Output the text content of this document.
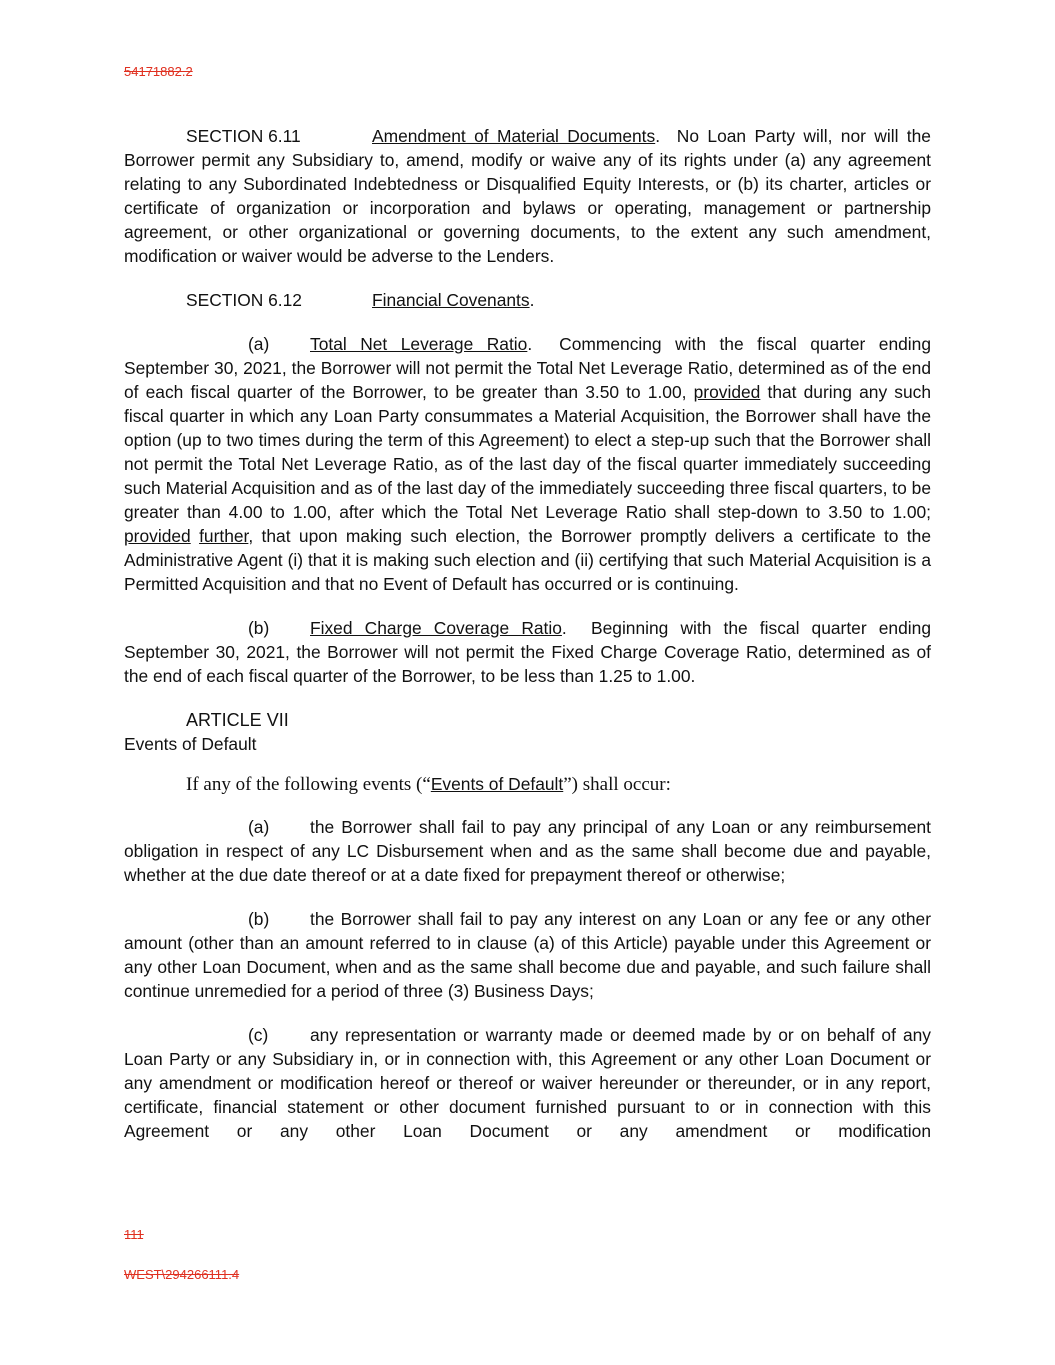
54171882.2

SECTION 6.11	Amendment of Material Documents. No Loan Party will, nor will the Borrower permit any Subsidiary to, amend, modify or waive any of its rights under (a) any agreement relating to any Subordinated Indebtedness or Disqualified Equity Interests, or (b) its charter, articles or certificate of organization or incorporation and bylaws or operating, management or partnership agreement, or other organizational or governing documents, to the extent any such amendment, modification or waiver would be adverse to the Lenders.

SECTION 6.12	Financial Covenants.

(a) Total Net Leverage Ratio. Commencing with the fiscal quarter ending September 30, 2021, the Borrower will not permit the Total Net Leverage Ratio, determined as of the end of each fiscal quarter of the Borrower, to be greater than 3.50 to 1.00, provided that during any such fiscal quarter in which any Loan Party consummates a Material Acquisition, the Borrower shall have the option (up to two times during the term of this Agreement) to elect a step-up such that the Borrower shall not permit the Total Net Leverage Ratio, as of the last day of the fiscal quarter immediately succeeding such Material Acquisition and as of the last day of the immediately succeeding three fiscal quarters, to be greater than 4.00 to 1.00, after which the Total Net Leverage Ratio shall step-down to 3.50 to 1.00; provided further, that upon making such election, the Borrower promptly delivers a certificate to the Administrative Agent (i) that it is making such election and (ii) certifying that such Material Acquisition is a Permitted Acquisition and that no Event of Default has occurred or is continuing.

(b) Fixed Charge Coverage Ratio. Beginning with the fiscal quarter ending September 30, 2021, the Borrower will not permit the Fixed Charge Coverage Ratio, determined as of the end of each fiscal quarter of the Borrower, to be less than 1.25 to 1.00.

ARTICLE VII
Events of Default

If any of the following events (“Events of Default”) shall occur:

(a) the Borrower shall fail to pay any principal of any Loan or any reimbursement obligation in respect of any LC Disbursement when and as the same shall become due and payable, whether at the due date thereof or at a date fixed for prepayment thereof or otherwise;

(b) the Borrower shall fail to pay any interest on any Loan or any fee or any other amount (other than an amount referred to in clause (a) of this Article) payable under this Agreement or any other Loan Document, when and as the same shall become due and payable, and such failure shall continue unremedied for a period of three (3) Business Days;

(c) any representation or warranty made or deemed made by or on behalf of any Loan Party or any Subsidiary in, or in connection with, this Agreement or any other Loan Document or any amendment or modification hereof or thereof or waiver hereunder or thereunder, or in any report, certificate, financial statement or other document furnished pursuant to or in connection with this Agreement or any other Loan Document or any amendment or modification

111
WEST\294266111.4
